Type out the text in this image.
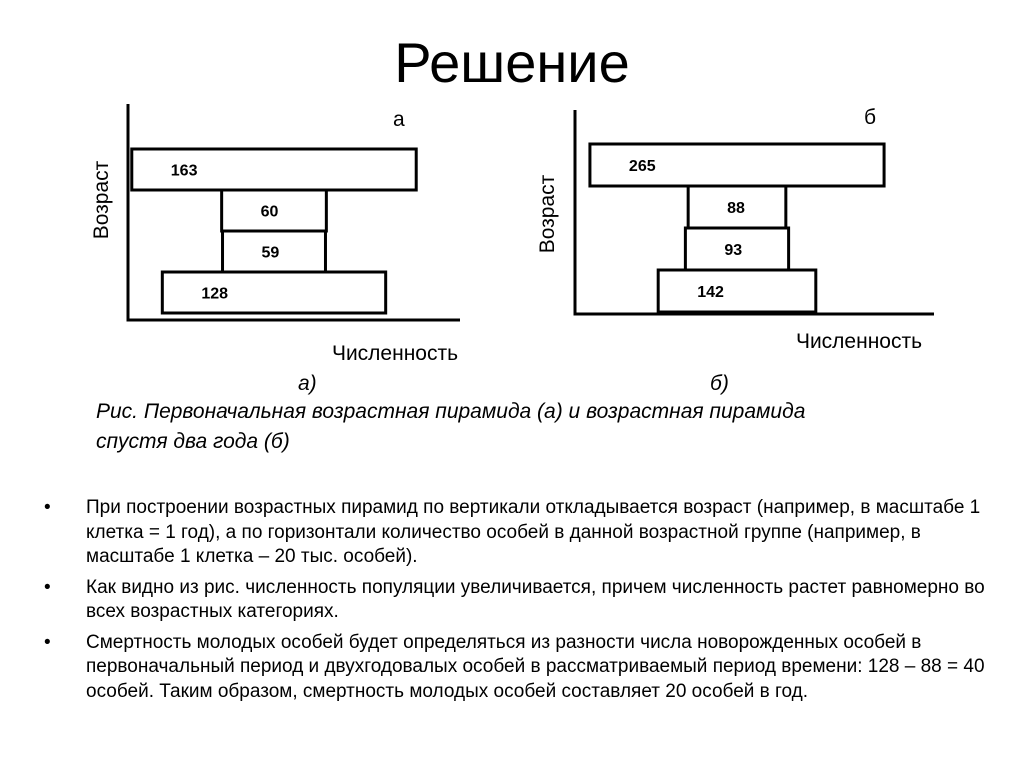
Решение
128
59
60
163
а
Численность
Возраст
142
93
88
265
б
Численность
Возраст
а)	б)
Рис. Первоначальная возрастная пирамида (а) и возрастная пирамида
спустя два года (б)
• При построении возрастных пирамид по вертикали откладывается возраст (например, в масштабе 1 клетка = 1 год), а по горизонтали количество особей в данной возрастной группе (например, в масштабе 1 клетка – 20 тыс. особей).
• Как видно из рис. численность популяции увеличивается, причем численность растет равномерно во всех возрастных категориях.
• Смертность молодых особей будет определяться из разности числа новорожденных особей в первоначальный период и двухгодовалых особей в рассматриваемый период времени: 128 – 88 = 40 особей. Таким образом, смертность молодых особей составляет 20 особей в год.
